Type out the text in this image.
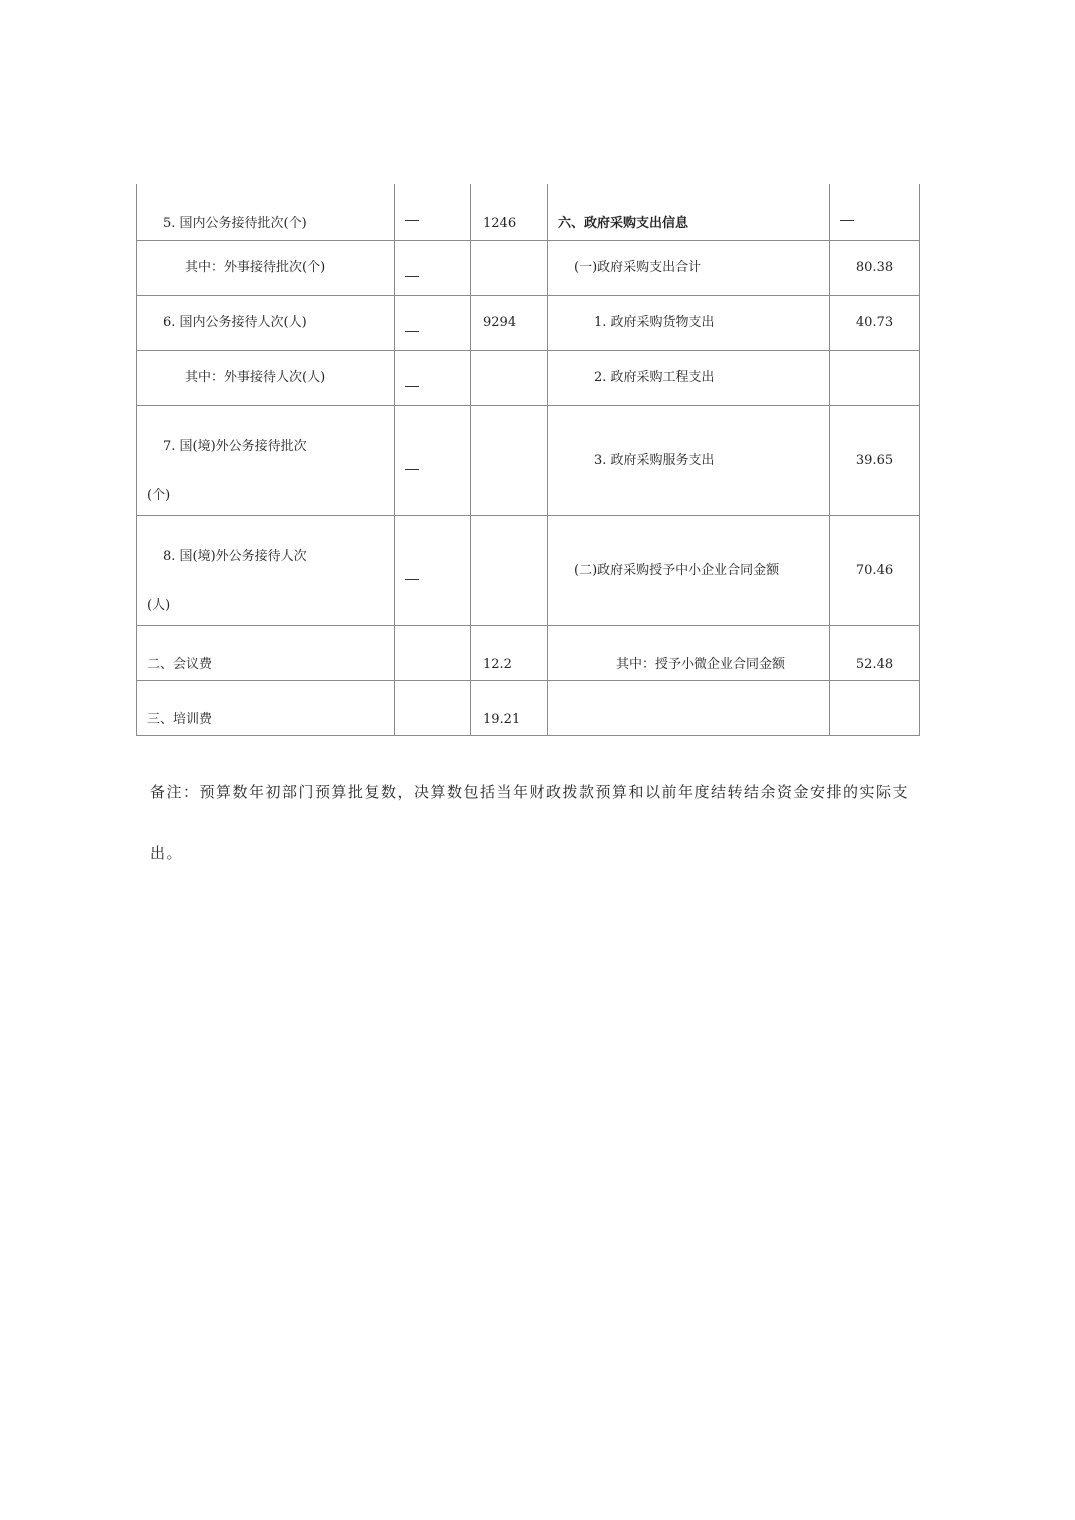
5. 国内公务接待批次(个)		1246	六、政府采购支出信息	
其中：外事接待批次(个)			(一)政府采购支出合计	80.38
6. 国内公务接待人次(人)		9294	1. 政府采购货物支出	40.73
其中：外事接待人次(人)			2. 政府采购工程支出	

7. 国(境)外公务接待批次
(个)			3. 政府采购服务支出	39.65

8. 国(境)外公务接待人次
(人)			(二)政府采购授予中小企业合同金额	70.46
二、会议费		12.2	其中：授予小微企业合同金额	52.48
三、培训费		19.21		
备注：预算数年初部门预算批复数，决算数包括当年财政拨款预算和以前年度结转结余资金安排的实际支出。
